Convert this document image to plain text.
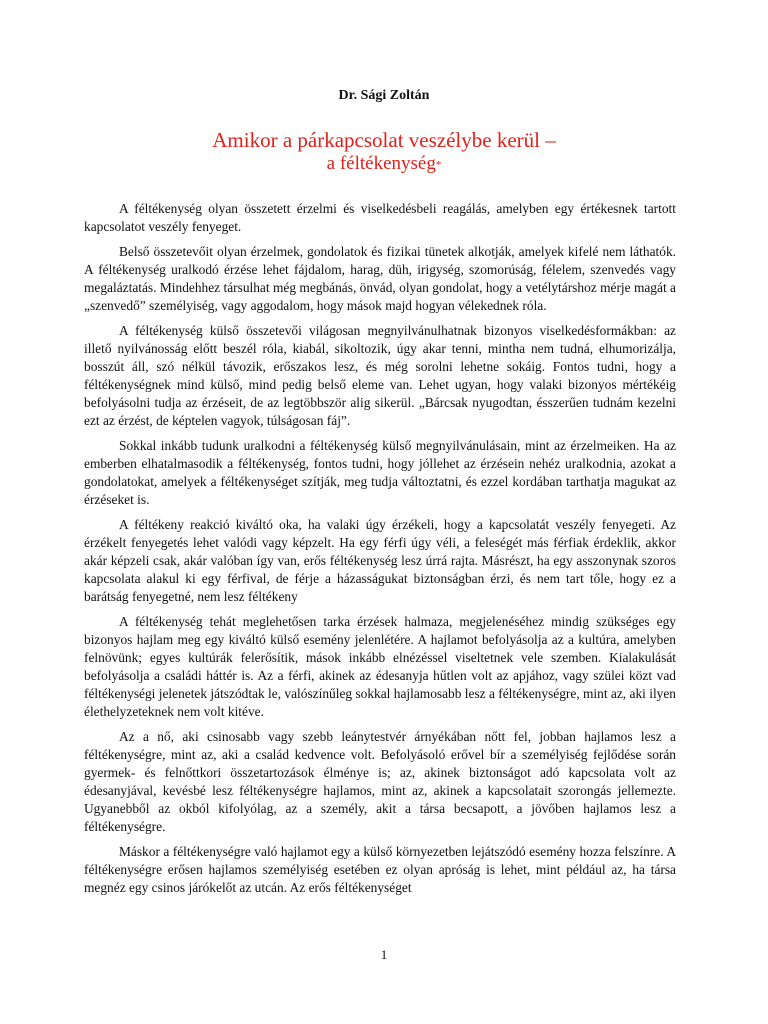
Dr. Sági Zoltán
Amikor a párkapcsolat veszélybe kerül –
a féltékenység*

A féltékenység olyan összetett érzelmi és viselkedésbeli reagálás, amelyben egy értékesnek tartott kapcsolatot veszély fenyeget.

Belső összetevőit olyan érzelmek, gondolatok és fizikai tünetek alkotják, amelyek kifelé nem láthatók. A féltékenység uralkodó érzése lehet fájdalom, harag, düh, irigység, szomorúság, félelem, szenvedés vagy megaláztatás. Mindehhez társulhat még megbánás, önvád, olyan gondolat, hogy a vetélytárshoz mérje magát a „szenvedő” személyiség, vagy aggodalom, hogy mások majd hogyan vélekednek róla.

A féltékenység külső összetevői világosan megnyilvánulhatnak bizonyos viselkedésformákban: az illető nyilvánosság előtt beszél róla, kiabál, sikoltozik, úgy akar tenni, mintha nem tudná, elhumorizálja, bosszút áll, szó nélkül távozik, erőszakos lesz, és még sorolni lehetne sokáig. Fontos tudni, hogy a féltékenységnek mind külső, mind pedig belső eleme van. Lehet ugyan, hogy valaki bizonyos mértékéig befolyásolni tudja az érzéseit, de az legtöbbször alig sikerül. „Bárcsak nyugodtan, ésszerűen tudnám kezelni ezt az érzést, de képtelen vagyok, túlságosan fáj”.

Sokkal inkább tudunk uralkodni a féltékenység külső megnyilvánulásain, mint az érzelmeiken. Ha az emberben elhatalmasodik a féltékenység, fontos tudni, hogy jóllehet az érzésein nehéz uralkodnia, azokat a gondolatokat, amelyek a féltékenységet szítják, meg tudja változtatni, és ezzel kordában tarthatja magukat az érzéseket is.

A féltékeny reakció kiváltó oka, ha valaki úgy érzékeli, hogy a kapcsolatát veszély fenyegeti. Az érzékelt fenyegetés lehet valódi vagy képzelt. Ha egy férfi úgy véli, a feleségét más férfiak érdeklik, akkor akár képzeli csak, akár valóban így van, erős féltékenység lesz úrrá rajta. Másrészt, ha egy asszonynak szoros kapcsolata alakul ki egy férfival, de férje a házasságukat biztonságban érzi, és nem tart tőle, hogy ez a barátság fenyegetné, nem lesz féltékeny

A féltékenység tehát meglehetősen tarka érzések halmaza, megjelenéséhez mindig szükséges egy bizonyos hajlam meg egy kiváltó külső esemény jelenlétére. A hajlamot befolyásolja az a kultúra, amelyben felnövünk; egyes kultúrák felerősítik, mások inkább elnézéssel viseltetnek vele szemben. Kialakulását befolyásolja a családi háttér is. Az a férfi, akinek az édesanyja hűtlen volt az apjához, vagy szülei közt vad féltékenységi jelenetek játszódtak le, valószínűleg sokkal hajlamosabb lesz a féltékenységre, mint az, aki ilyen élethelyzeteknek nem volt kitéve.

Az a nő, aki csinosabb vagy szebb leánytestvér árnyékában nőtt fel, jobban hajlamos lesz a féltékenységre, mint az, aki a család kedvence volt. Befolyásoló erővel bír a személyiség fejlődése során gyermek- és felnőttkori összetartozások élménye is; az, akinek biztonságot adó kapcsolata volt az édesanyjával, kevésbé lesz féltékenységre hajlamos, mint az, akinek a kapcsolatait szorongás jellemezte. Ugyanebből az okból kifolyólag, az a személy, akit a társa becsapott, a jövőben hajlamos lesz a féltékenységre.

Máskor a féltékenységre való hajlamot egy a külső környezetben lejátszódó esemény hozza felszínre. A féltékenységre erősen hajlamos személyiség esetében ez olyan apróság is lehet, mint például az, ha társa megnéz egy csinos járókelőt az utcán. Az erős féltékenységet

1
